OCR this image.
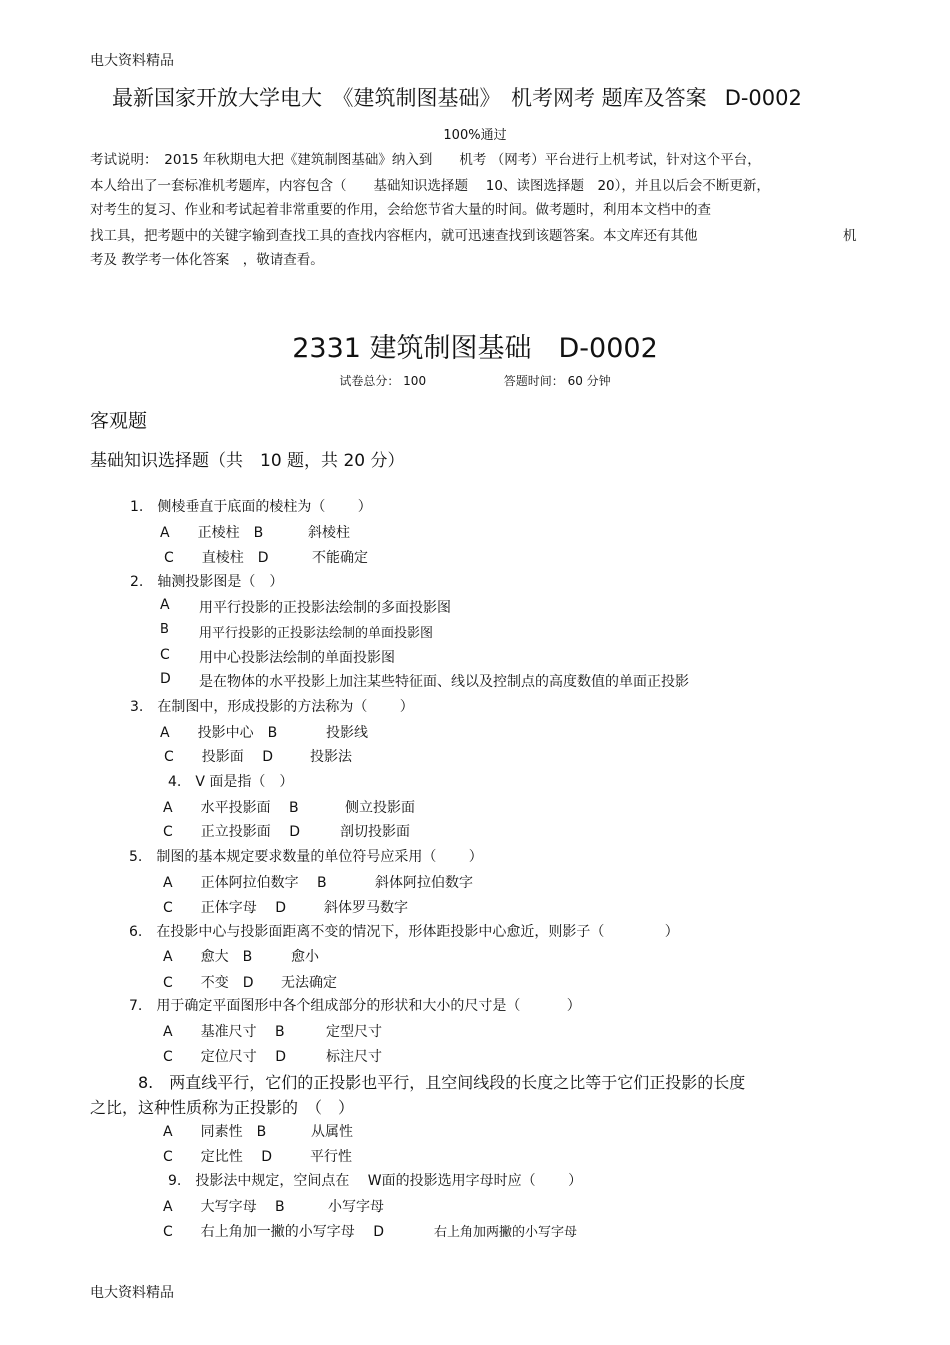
电大资料精品
最新国家开放大学电大　《建筑制图基础》　机考网考 题库及答案 D-0002
100%通过
考试说明：　2015 年秋期电大把《建筑制图基础》纳入到　　机考 （网考）平台进行上机考试，针对这个平台，
本人给出了一套标准机考题库，内容包含（　　基础知识选择题　 10、读图选择题　20），并且以后会不断更新，
对考生的复习、作业和考试起着非常重要的作用，会给您节省大量的时间。做考题时，利用本文档中的查
找工具，把考题中的关键字输到查找工具的查找内容框内，就可迅速查找到该题答案。本文库还有其他	机
考及 教学考一体化答案　，敬请查看。
2331 建筑制图基础　D-0002
试卷总分： 100	答题时间： 60 分钟
客观题
基础知识选择题（共　10 题，共 20 分）
1.　侧棱垂直于底面的棱柱为（　　 ）
A　　正棱柱　B	斜棱柱
C　　直棱柱　D	不能确定
2.　轴测投影图是（　）
A 用平行投影的正投影法绘制的多面投影图
B 用平行投影的正投影法绘制的单面投影图
C 用中心投影法绘制的单面投影图
D 是在物体的水平投影上加注某些特征面、线以及控制点的高度数值的单面正投影
3.　在制图中，形成投影的方法称为（　　 ）
A　　投影中心　B	投影线
C　　投影面　 D	投影法
4.　V 面是指（　）
A　　水平投影面　 B	侧立投影面
C　　正立投影面　 D	剖切投影面
5.　制图的基本规定要求数量的单位符号应采用（　　 ）
A　　正体阿拉伯数字　 B	斜体阿拉伯数字
C　　正体字母　 D	斜体罗马数字
6.　在投影中心与投影面距离不变的情况下，形体距投影中心愈近，则影子（　　　　 ）
A　　愈大　B	愈小
C　　不变　D 无法确定
7.　用于确定平面图形中各个组成部分的形状和大小的尺寸是（　　　 ）
A　　基准尺寸　 B	定型尺寸
C　　定位尺寸　 D	标注尺寸
8.　两直线平行，它们的正投影也平行，且空间线段的长度之比等于它们正投影的长度
之比，这种性质称为正投影的　（　）
A　　同素性　B	从属性
C　　定比性　 D	平行性
9.　投影法中规定，空间点在　 W面的投影选用字母时应（　　 ）
A　　大写字母　 B	小写字母
C　　右上角加一撇的小写字母　 D	右上角加两撇的小写字母
电大资料精品
